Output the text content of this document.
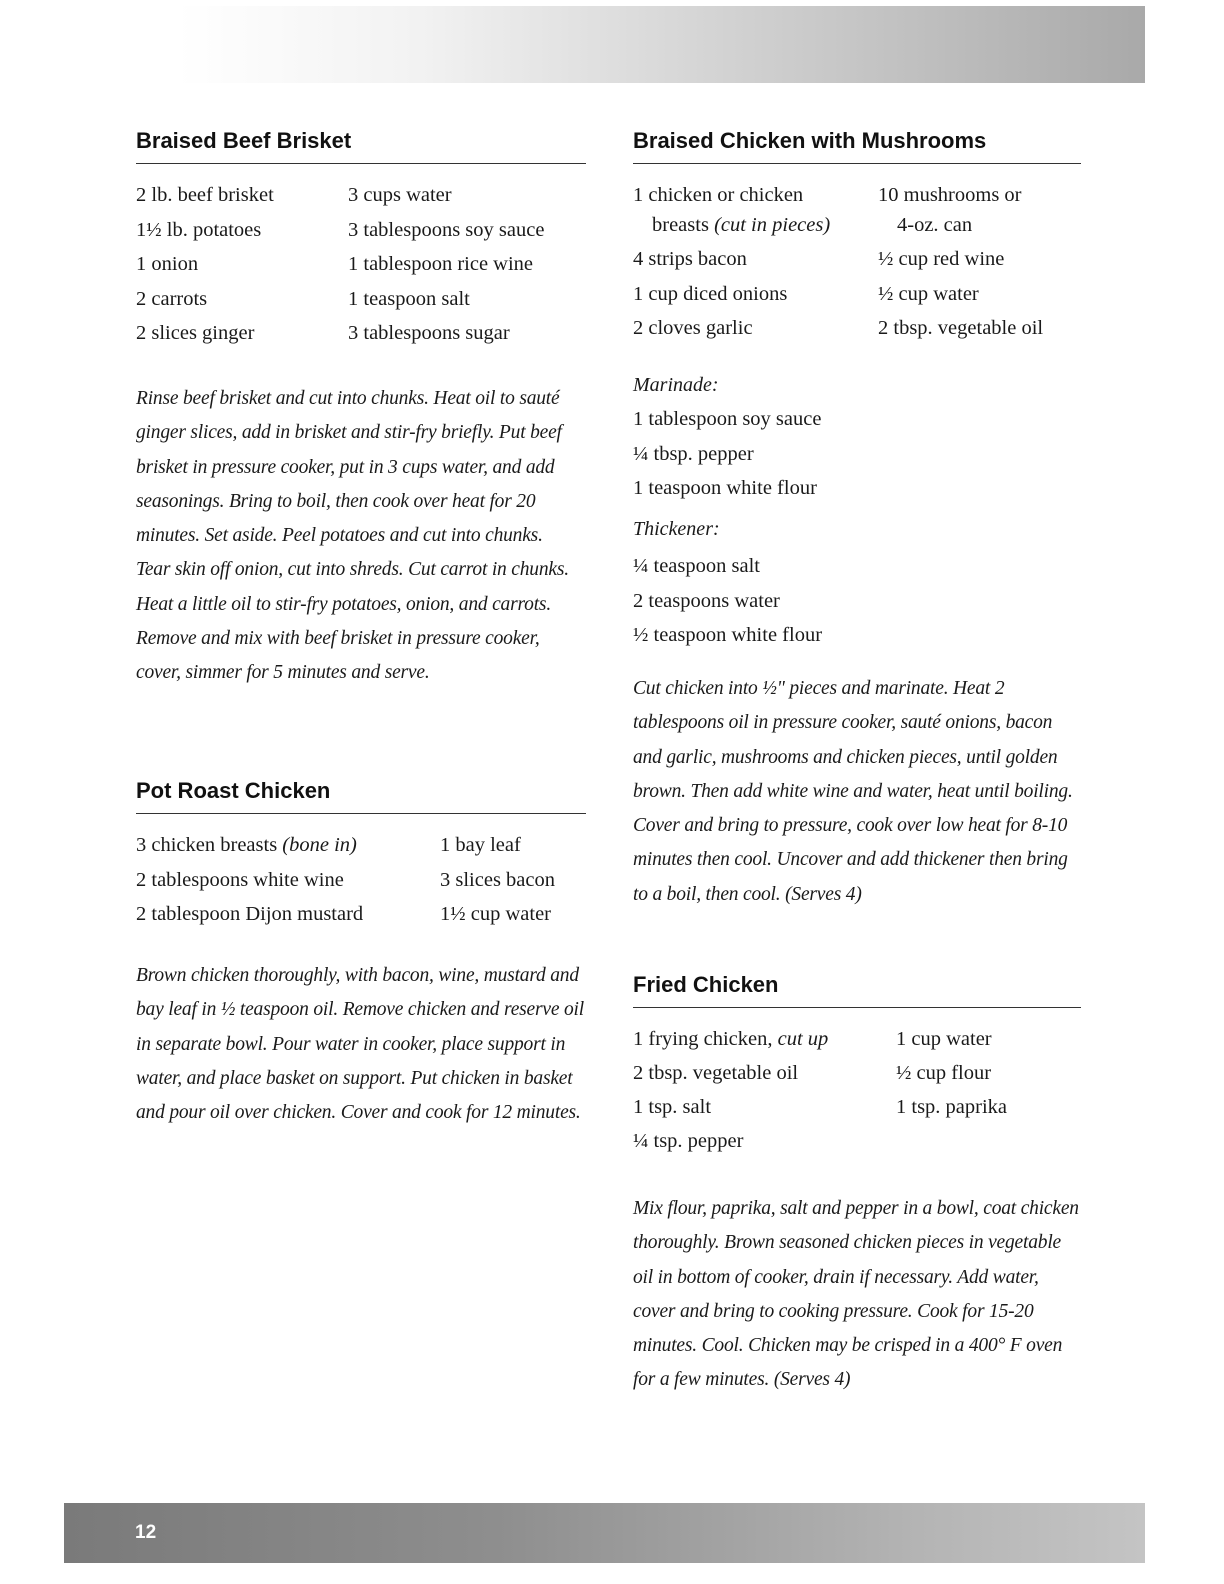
Braised Beef Brisket
2 lb. beef brisket
1½ lb. potatoes
1 onion
2 carrots
2 slices ginger
3 cups water
3 tablespoons soy sauce
1 tablespoon rice wine
1 teaspoon salt
3 tablespoons sugar
Rinse beef brisket and cut into chunks. Heat oil to sauté ginger slices, add in brisket and stir-fry briefly. Put beef brisket in pressure cooker, put in 3 cups water, and add seasonings. Bring to boil, then cook over heat for 20 minutes. Set aside. Peel potatoes and cut into chunks. Tear skin off onion, cut into shreds. Cut carrot in chunks. Heat a little oil to stir-fry potatoes, onion, and carrots. Remove and mix with beef brisket in pressure cooker, cover, simmer for 5 minutes and serve.
Pot Roast Chicken
3 chicken breasts (bone in)
2 tablespoons white wine
2 tablespoon Dijon mustard
1 bay leaf
3 slices bacon
1½ cup water
Brown chicken thoroughly, with bacon, wine, mustard and bay leaf in ½ teaspoon oil. Remove chicken and reserve oil in separate bowl. Pour water in cooker, place support in water, and place basket on support. Put chicken in basket and pour oil over chicken. Cover and cook for 12 minutes.
Braised Chicken with Mushrooms
1 chicken or chicken
breasts (cut in pieces)
4 strips bacon
1 cup diced onions
2 cloves garlic
10 mushrooms or
4-oz. can
½ cup red wine
½ cup water
2 tbsp. vegetable oil
Marinade:
1 tablespoon soy sauce
¼ tbsp. pepper
1 teaspoon white flour
Thickener:
¼ teaspoon salt
2 teaspoons water
½ teaspoon white flour
Cut chicken into ½" pieces and marinate. Heat 2 tablespoons oil in pressure cooker, sauté onions, bacon and garlic, mushrooms and chicken pieces, until golden brown. Then add white wine and water, heat until boiling. Cover and bring to pressure, cook over low heat for 8-10 minutes then cool. Uncover and add thickener then bring to a boil, then cool. (Serves 4)
Fried Chicken
1 frying chicken, cut up
2 tbsp. vegetable oil
1 tsp. salt
¼ tsp. pepper
1 cup water
½ cup flour
1 tsp. paprika
Mix flour, paprika, salt and pepper in a bowl, coat chicken thoroughly. Brown seasoned chicken pieces in vegetable oil in bottom of cooker, drain if necessary. Add water, cover and bring to cooking pressure. Cook for 15-20 minutes. Cool. Chicken may be crisped in a 400° F oven for a few minutes. (Serves 4)
12
